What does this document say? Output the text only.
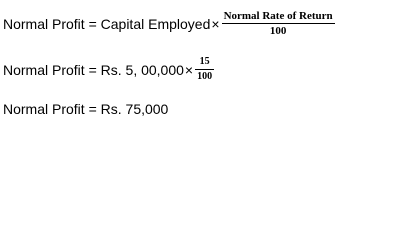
Normal Profit = Capital Employed × $\frac{\text{Normal Rate of Return}}{100}$
Normal Profit = Rs. 5, $00,000 \times \frac{15}{100}$
Normal Profit = Rs. 75,000
